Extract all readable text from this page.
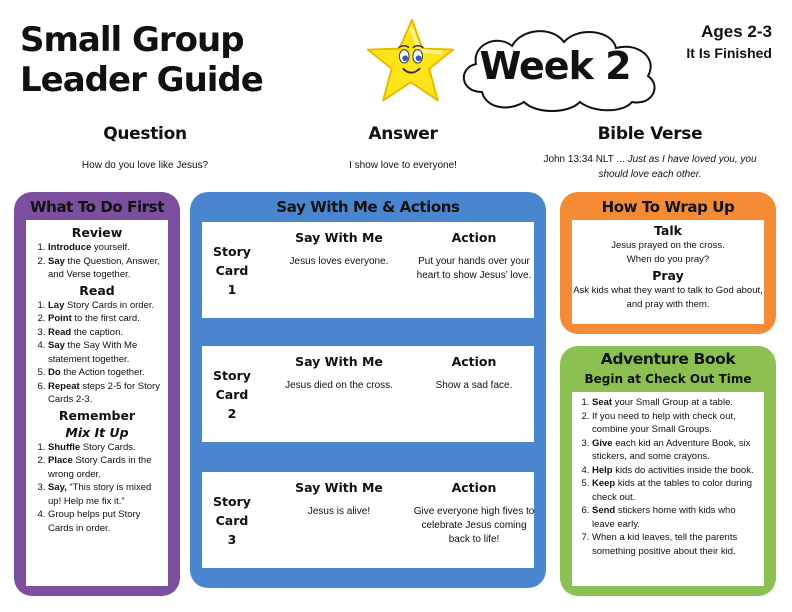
Small Group
Leader Guide	Week 2
Ages 2-3
It Is Finished
Question

How do you love like Jesus?

Answer

I show love to everyone!

Bible Verse

John 13:34 NLT ... Just as I have loved you, you should love each other.

What To Do First
Review
1. Introduce yourself.
2. Say the Question, Answer, and Verse together.
Read
1. Lay Story Cards in order.
2. Point to the first card.
3. Read the caption.
4. Say the Say With Me statement together.
5. Do the Action together.
6. Repeat steps 2-5 for Story Cards 2-3.
Remember
Mix It Up
1. Shuffle Story Cards.
2. Place Story Cards in the wrong order.
3. Say, “This story is mixed up! Help me fix it.”
4. Group helps put Story Cards in order.
Say With Me & Actions
Story
Card
1
Say With Me

Jesus loves everyone.

Action

Put your hands over your heart to show Jesus’ love.

Story
Card
2
Say With Me

Jesus died on the cross.

Action

Show a sad face.

Story
Card
3
Say With Me

Jesus is alive!

Action

Give everyone high fives to celebrate Jesus coming back to life!

How To Wrap Up
Talk
Jesus prayed on the cross.
When do you pray?
Pray
Ask kids what they want to talk to God about, and pray with them.
Adventure Book
Begin at Check Out Time
1. Seat your Small Group at a table.
2. If you need to help with check out, combine your Small Groups.
3. Give each kid an Adventure Book, six stickers, and some crayons.
4. Help kids do activities inside the book.
5. Keep kids at the tables to color during check out.
6. Send stickers home with kids who leave early.
7. When a kid leaves, tell the parents something positive about their kid.
